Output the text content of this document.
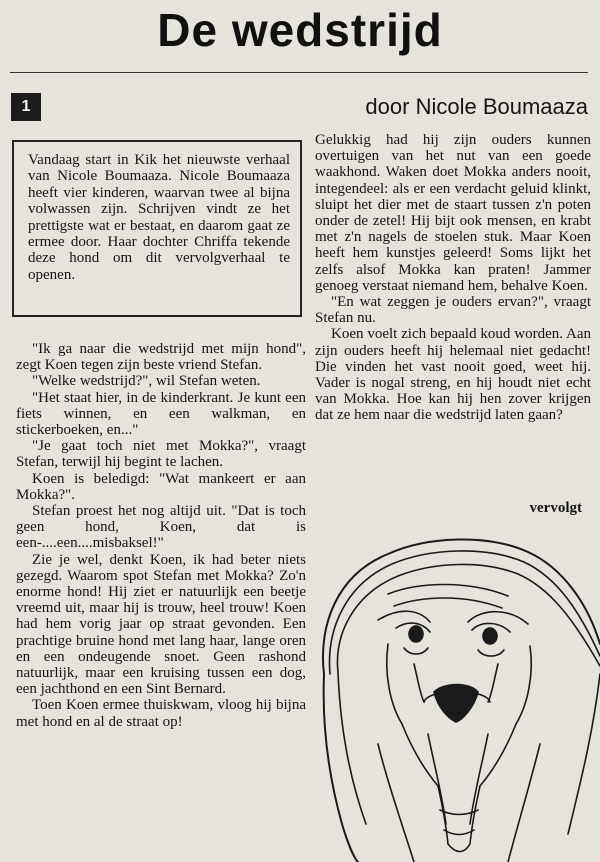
De wedstrijd
1	door Nicole Boumaaza
Vandaag start in Kik het nieuwste verhaal van Nicole Boumaaza. Nicole Boumaaza heeft vier kinderen, waarvan twee al bijna volwassen zijn. Schrijven vindt ze het prettigste wat er bestaat, en daarom gaat ze ermee door. Haar dochter Chriffa tekende deze hond om dit vervolgverhaal te openen.

"Ik ga naar die wedstrijd met mijn hond", zegt Koen tegen zijn beste vriend Stefan.

"Welke wedstrijd?", wil Stefan weten.

"Het staat hier, in de kinderkrant. Je kunt een fiets winnen, en een walkman, en stickerboeken, en..."

"Je gaat toch niet met Mokka?", vraagt Stefan, terwijl hij begint te lachen.

Koen is beledigd: "Wat mankeert er aan Mokka?".

Stefan proest het nog altijd uit. "Dat is toch geen hond, Koen, dat is een-....een....misbaksel!"

Zie je wel, denkt Koen, ik had beter niets gezegd. Waarom spot Stefan met Mokka? Zo'n enorme hond! Hij ziet er natuurlijk een beetje vreemd uit, maar hij is trouw, heel trouw! Koen had hem vorig jaar op straat gevonden. Een prachtige bruine hond met lang haar, lange oren en een ondeugende snoet. Geen rashond natuurlijk, maar een kruising tussen een dog, een jachthond en een Sint Bernard.

Toen Koen ermee thuiskwam, vloog hij bijna met hond en al de straat op!

Gelukkig had hij zijn ouders kunnen overtuigen van het nut van een goede waakhond. Waken doet Mokka anders nooit, integendeel: als er een verdacht geluid klinkt, sluipt het dier met de staart tussen z'n poten onder de zetel! Hij bijt ook mensen, en krabt met z'n nagels de stoelen stuk. Maar Koen heeft hem kunstjes geleerd! Soms lijkt het zelfs alsof Mokka kan praten! Jammer genoeg verstaat niemand hem, behalve Koen.

"En wat zeggen je ouders ervan?", vraagt Stefan nu.

Koen voelt zich bepaald koud worden. Aan zijn ouders heeft hij helemaal niet gedacht! Die vinden het vast nooit goed, weet hij. Vader is nogal streng, en hij houdt niet echt van Mokka. Hoe kan hij hen zover krijgen dat ze hem naar die wedstrijd laten gaan?

vervolgt
